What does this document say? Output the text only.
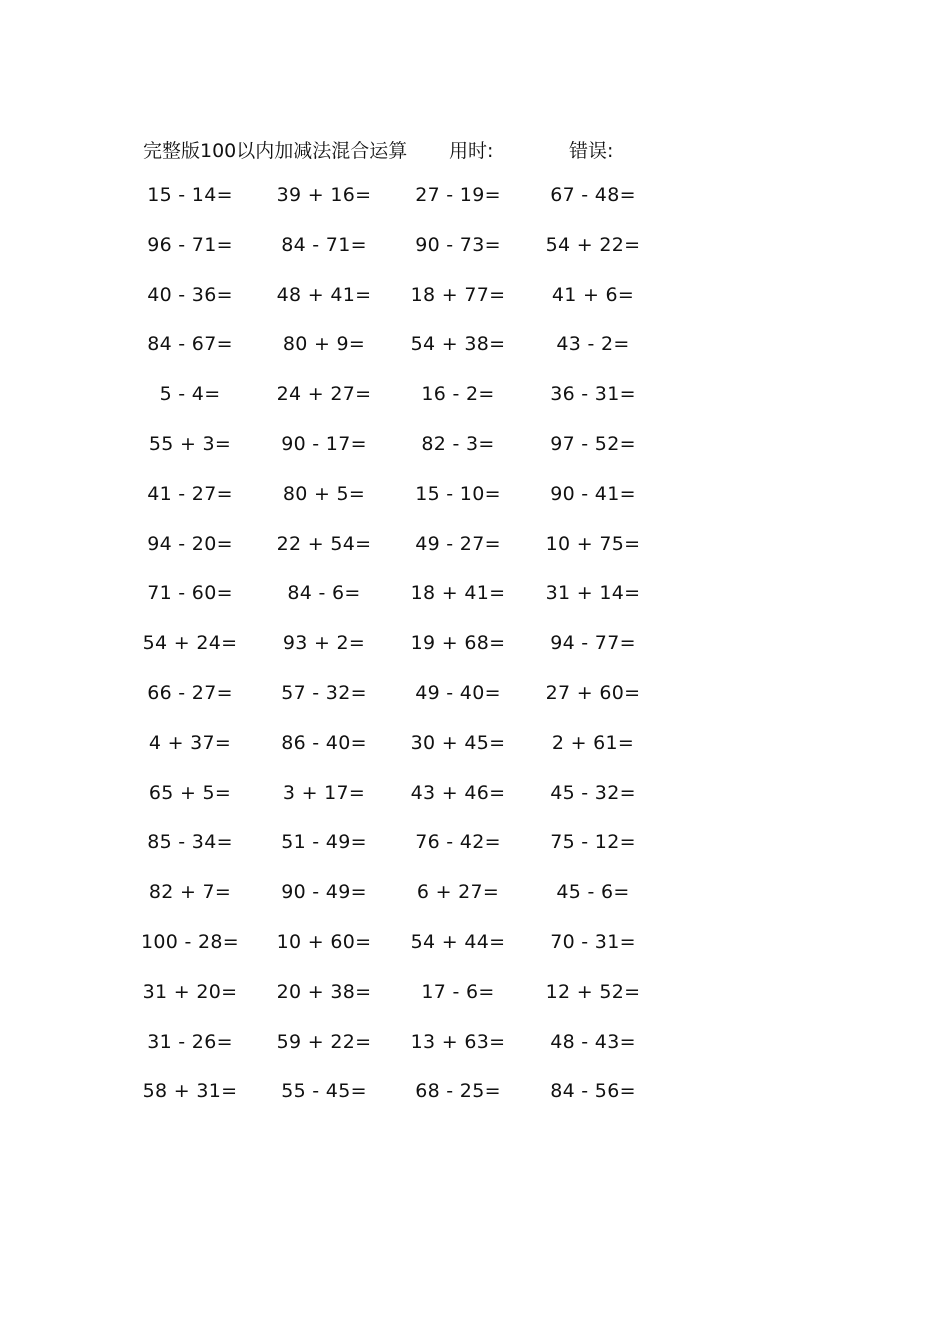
完整版100以内加减法混合运算 用时:	错误:
15 - 14=	39 + 16=	27 - 19=	67 - 48=
96 - 71=	84 - 71=	90 - 73=	54 + 22=
40 - 36=	48 + 41=	18 + 77=	41 + 6=
84 - 67=	80 + 9=	54 + 38=	43 - 2=
5 - 4=	24 + 27=	16 - 2=	36 - 31=
55 + 3=	90 - 17=	82 - 3=	97 - 52=
41 - 27=	80 + 5=	15 - 10=	90 - 41=
94 - 20=	22 + 54=	49 - 27=	10 + 75=
71 - 60=	84 - 6=	18 + 41=	31 + 14=
54 + 24=	93 + 2=	19 + 68=	94 - 77=
66 - 27=	57 - 32=	49 - 40=	27 + 60=
4 + 37=	86 - 40=	30 + 45=	2 + 61=
65 + 5=	3 + 17=	43 + 46=	45 - 32=
85 - 34=	51 - 49=	76 - 42=	75 - 12=
82 + 7=	90 - 49=	6 + 27=	45 - 6=
100 - 28=	10 + 60=	54 + 44=	70 - 31=
31 + 20=	20 + 38=	17 - 6=	12 + 52=
31 - 26=	59 + 22=	13 + 63=	48 - 43=
58 + 31=	55 - 45=	68 - 25=	84 - 56=
